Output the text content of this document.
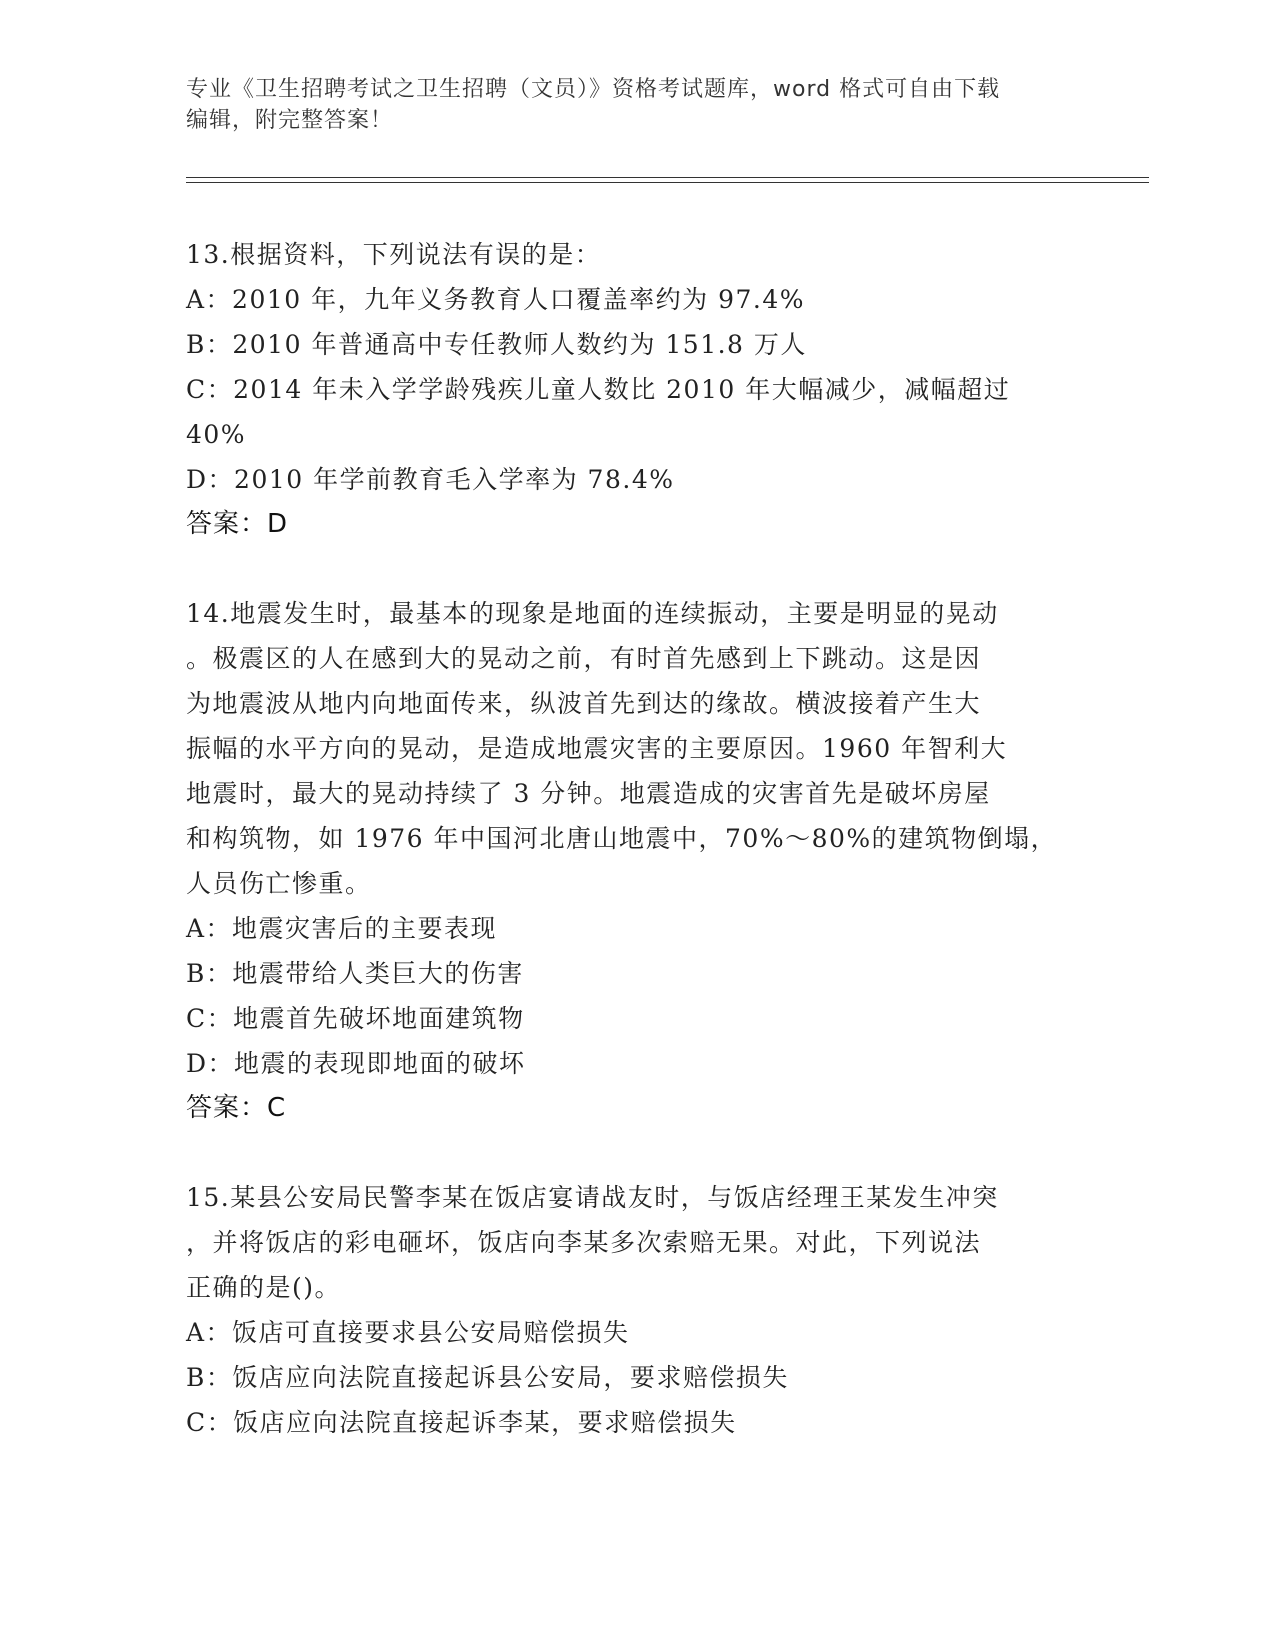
专业《卫生招聘考试之卫生招聘（文员）》资格考试题库，word 格式可自由下载
编辑，附完整答案！
13.根据资料，下列说法有误的是：
A：2010 年，九年义务教育人口覆盖率约为 97.4%
B：2010 年普通高中专任教师人数约为 151.8 万人
C：2014 年未入学学龄残疾儿童人数比 2010 年大幅减少，减幅超过
40%
D：2010 年学前教育毛入学率为 78.4%
答案：D
14.地震发生时，最基本的现象是地面的连续振动，主要是明显的晃动
。极震区的人在感到大的晃动之前，有时首先感到上下跳动。这是因
为地震波从地内向地面传来，纵波首先到达的缘故。横波接着产生大
振幅的水平方向的晃动，是造成地震灾害的主要原因。1960 年智利大
地震时，最大的晃动持续了 3 分钟。地震造成的灾害首先是破坏房屋
和构筑物，如 1976 年中国河北唐山地震中，70%～80%的建筑物倒塌，
人员伤亡惨重。
A：地震灾害后的主要表现
B：地震带给人类巨大的伤害
C：地震首先破坏地面建筑物
D：地震的表现即地面的破坏
答案：C
15.某县公安局民警李某在饭店宴请战友时，与饭店经理王某发生冲突
，并将饭店的彩电砸坏，饭店向李某多次索赔无果。对此，下列说法
正确的是()。
A：饭店可直接要求县公安局赔偿损失
B：饭店应向法院直接起诉县公安局，要求赔偿损失
C：饭店应向法院直接起诉李某，要求赔偿损失
